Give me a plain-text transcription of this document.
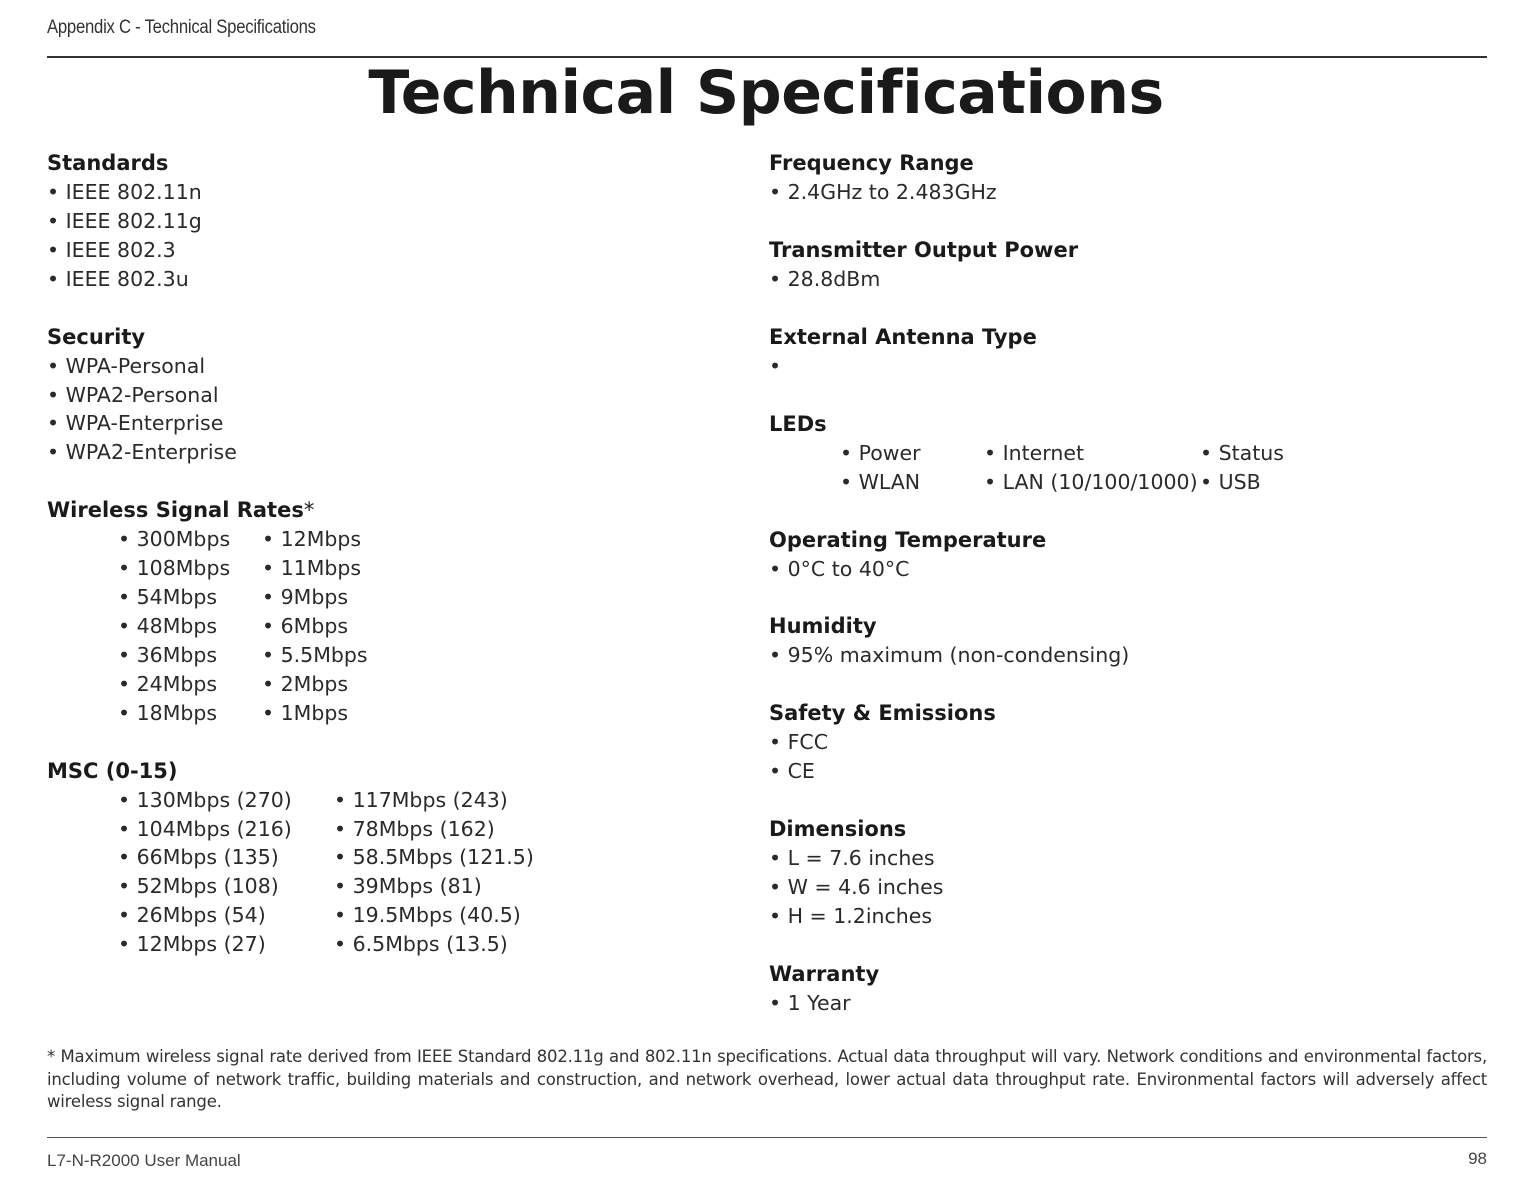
Appendix C - Technical Specifications
Technical Specifications
Standards
• IEEE 802.11n
• IEEE 802.11g
• IEEE 802.3
• IEEE 802.3u
Security
• WPA-Personal
• WPA2-Personal
• WPA-Enterprise
• WPA2-Enterprise
Wireless Signal Rates*
• 300Mbps
• 108Mbps
• 54Mbps
• 48Mbps
• 36Mbps
• 24Mbps
• 18Mbps
• 12Mbps
• 11Mbps
• 9Mbps
• 6Mbps
• 5.5Mbps
• 2Mbps
• 1Mbps
MSC (0-15)
• 130Mbps (270)
• 104Mbps (216)
• 66Mbps (135)
• 52Mbps (108)
• 26Mbps (54)
• 12Mbps (27)
• 117Mbps (243)
• 78Mbps (162)
• 58.5Mbps (121.5)
• 39Mbps (81)
• 19.5Mbps (40.5)
• 6.5Mbps (13.5)
Frequency Range
• 2.4GHz to 2.483GHz
Transmitter Output Power
• 28.8dBm
External Antenna Type
•
LEDs
• Power
• WLAN
• Internet
• LAN (10/100/1000)
• Status
• USB
Operating Temperature
• 0°C to 40°C
Humidity
• 95% maximum (non-condensing)
Safety & Emissions
• FCC
• CE
Dimensions
• L = 7.6 inches
• W = 4.6 inches
• H = 1.2inches
Warranty
• 1 Year
* Maximum wireless signal rate derived from IEEE Standard 802.11g and 802.11n specifications. Actual data throughput will vary. Network conditions and environmental factors, including volume of network traffic, building materials and construction, and network overhead, lower actual data throughput rate. Environmental factors will adversely affect wireless signal range.
L7-N-R2000 User Manual	98
